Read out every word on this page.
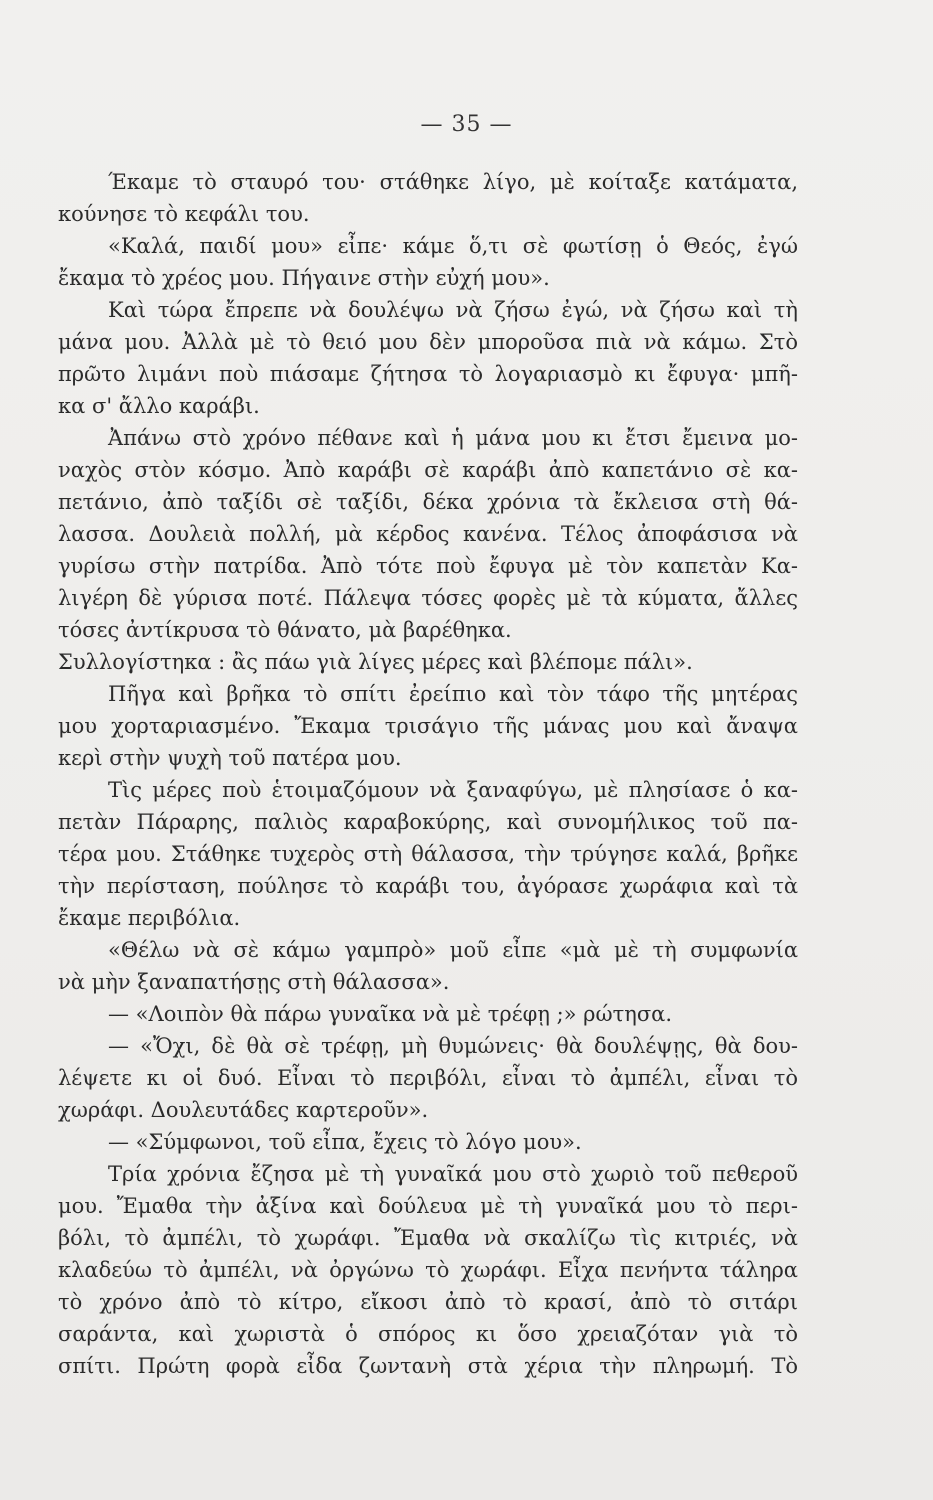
— 35 —
Έκαμε τὸ σταυρό του· στάθηκε λίγο, μὲ κοίταξε κατάματα,
κούνησε τὸ κεφάλι του.
«Καλά, παιδί μου» εἶπε· κάμε ὅ,τι σὲ φωτίσῃ ὁ Θεός, ἐγώ
ἔκαμα τὸ χρέος μου. Πήγαινε στὴν εὐχή μου».
Καὶ τώρα ἔπρεπε νὰ δουλέψω νὰ ζήσω ἐγώ, νὰ ζήσω καὶ τὴ
μάνα μου. Ἀλλὰ μὲ τὸ θειό μου δὲν μποροῦσα πιὰ νὰ κάμω. Στὸ
πρῶτο λιμάνι ποὺ πιάσαμε ζήτησα τὸ λογαριασμὸ κι ἔφυγα· μπῆ-
κα σ' ἄλλο καράβι.
Ἀπάνω στὸ χρόνο πέθανε καὶ ἡ μάνα μου κι ἔτσι ἔμεινα μο-
ναχὸς στὸν κόσμο. Ἀπὸ καράβι σὲ καράβι ἀπὸ καπετάνιο σὲ κα-
πετάνιο, ἀπὸ ταξίδι σὲ ταξίδι, δέκα χρόνια τὰ ἔκλεισα στὴ θά-
λασσα. Δουλειὰ πολλή, μὰ κέρδος κανένα. Τέλος ἀποφάσισα νὰ
γυρίσω στὴν πατρίδα. Ἀπὸ τότε ποὺ ἔφυγα μὲ τὸν καπετὰν Κα-
λιγέρη δὲ γύρισα ποτέ. Πάλεψα τόσες φορὲς μὲ τὰ κύματα, ἄλλες
τόσες ἀντίκρυσα τὸ θάνατο, μὰ βαρέθηκα.
Συλλογίστηκα : ἂς πάω γιὰ λίγες μέρες καὶ βλέπομε πάλι».
Πῆγα καὶ βρῆκα τὸ σπίτι ἐρείπιο καὶ τὸν τάφο τῆς μητέρας
μου χορταριασμένο. Ἔκαμα τρισάγιο τῆς μάνας μου καὶ ἄναψα
κερὶ στὴν ψυχὴ τοῦ πατέρα μου.
Τὶς μέρες ποὺ ἑτοιμαζόμουν νὰ ξαναφύγω, μὲ πλησίασε ὁ κα-
πετὰν Πάραρης, παλιὸς καραβοκύρης, καὶ συνομήλικος τοῦ πα-
τέρα μου. Στάθηκε τυχερὸς στὴ θάλασσα, τὴν τρύγησε καλά, βρῆκε
τὴν περίσταση, πούλησε τὸ καράβι του, ἀγόρασε χωράφια καὶ τὰ
ἔκαμε περιβόλια.
«Θέλω νὰ σὲ κάμω γαμπρὸ» μοῦ εἶπε «μὰ μὲ τὴ συμφωνία
νὰ μὴν ξαναπατήσῃς στὴ θάλασσα».
— «Λοιπὸν θὰ πάρω γυναῖκα νὰ μὲ τρέφῃ ;» ρώτησα.
— «Ὄχι, δὲ θὰ σὲ τρέφῃ, μὴ θυμώνεις· θὰ δουλέψῃς, θὰ δου-
λέψετε κι οἱ δυό. Εἶναι τὸ περιβόλι, εἶναι τὸ ἀμπέλι, εἶναι τὸ
χωράφι. Δουλευτάδες καρτεροῦν».
— «Σύμφωνοι, τοῦ εἶπα, ἔχεις τὸ λόγο μου».
Τρία χρόνια ἔζησα μὲ τὴ γυναῖκά μου στὸ χωριὸ τοῦ πεθεροῦ
μου. Ἔμαθα τὴν ἀξίνα καὶ δούλευα μὲ τὴ γυναῖκά μου τὸ περι-
βόλι, τὸ ἀμπέλι, τὸ χωράφι. Ἔμαθα νὰ σκαλίζω τὶς κιτριές, νὰ
κλαδεύω τὸ ἀμπέλι, νὰ ὀργώνω τὸ χωράφι. Εἶχα πενήντα τάληρα
τὸ χρόνο ἀπὸ τὸ κίτρο, εἴκοσι ἀπὸ τὸ κρασί, ἀπὸ τὸ σιτάρι
σαράντα, καὶ χωριστὰ ὁ σπόρος κι ὅσο χρειαζόταν γιὰ τὸ
σπίτι. Πρώτη φορὰ εἶδα ζωντανὴ στὰ χέρια τὴν πληρωμή. Τὸ
